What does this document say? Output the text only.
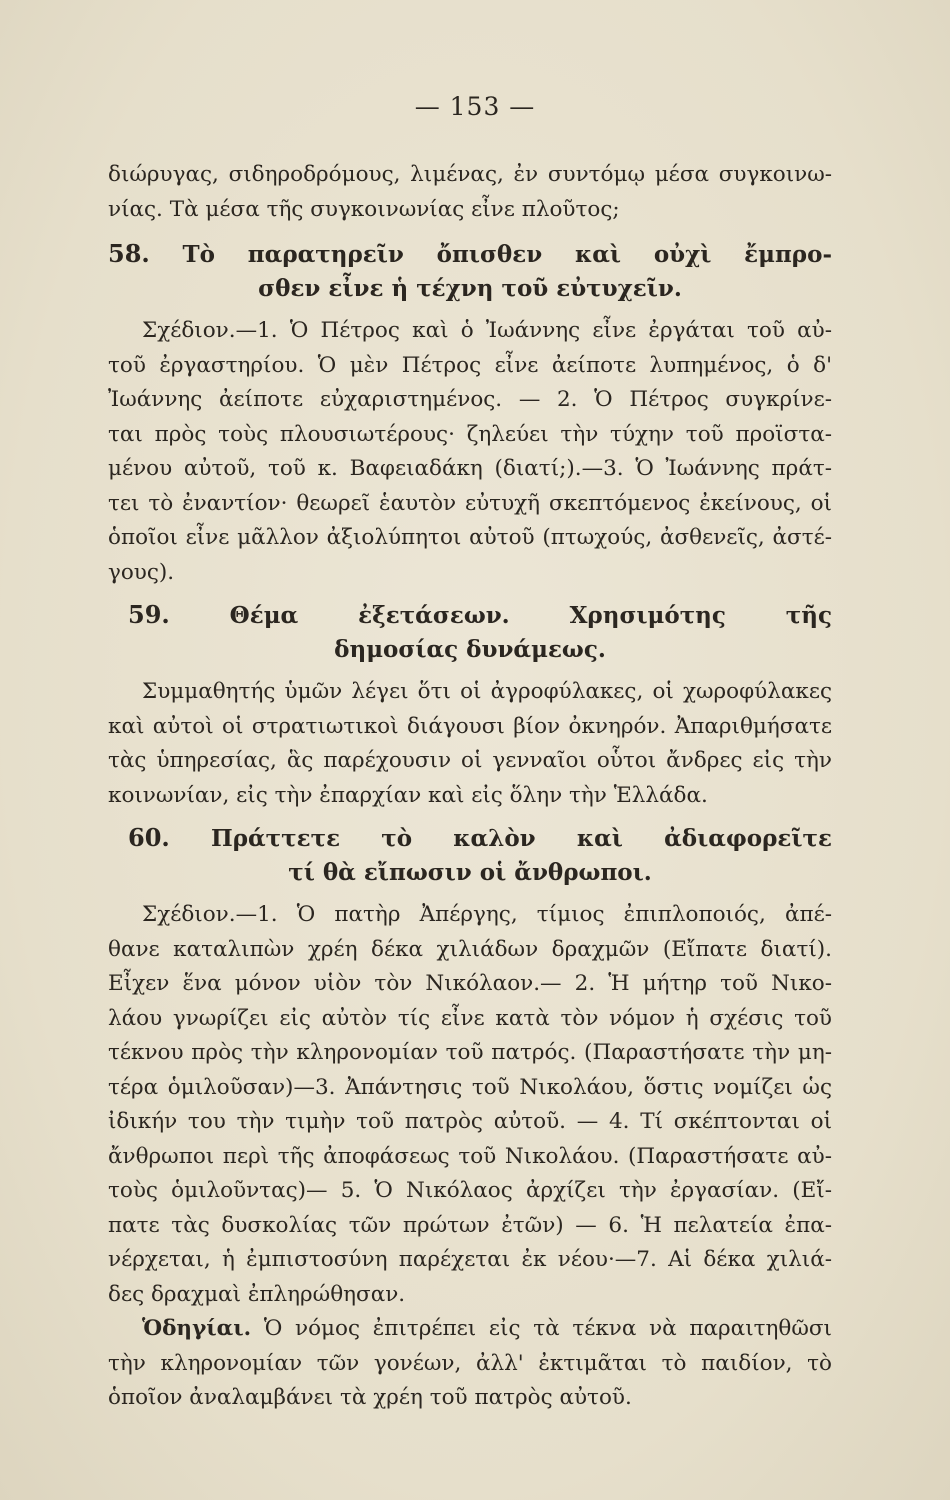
— 153 —
διώρυγας, σιδηροδρόμους, λιμένας, ἐν συντόμῳ μέσα συγκοινω-
νίας. Τὰ μέσα τῆς συγκοινωνίας εἶνε πλοῦτος;
58. Τὸ παρατηρεῖν ὄπισθεν καὶ οὐχὶ ἔμπρο-
σθεν εἶνε ἡ τέχνη τοῦ εὐτυχεῖν.
Σχέδιον.—1. Ὁ Πέτρος καὶ ὁ Ἰωάννης εἶνε ἐργάται τοῦ αὐ-
τοῦ ἐργαστηρίου. Ὁ μὲν Πέτρος εἶνε ἀείποτε λυπημένος, ὁ δ'
Ἰωάννης ἀείποτε εὐχαριστημένος. — 2. Ὁ Πέτρος συγκρίνε-
ται πρὸς τοὺς πλουσιωτέρους· ζηλεύει τὴν τύχην τοῦ προϊστα-
μένου αὐτοῦ, τοῦ κ. Βαφειαδάκη (διατί;).—3. Ὁ Ἰωάννης πράτ-
τει τὸ ἐναντίον· θεωρεῖ ἑαυτὸν εὐτυχῆ σκεπτόμενος ἐκείνους, οἱ
ὁποῖοι εἶνε μᾶλλον ἀξιολύπητοι αὐτοῦ (πτωχούς, ἀσθενεῖς, ἀστέ-
γους).
59.	Θέμα ἐξετάσεων. Χρησιμότης τῆς
δημοσίας δυνάμεως.
Συμμαθητής ὑμῶν λέγει ὅτι οἱ ἀγροφύλακες, οἱ χωροφύλακες
καὶ αὐτοὶ οἱ στρατιωτικοὶ διάγουσι βίον ὀκνηρόν. Ἀπαριθμήσατε
τὰς ὑπηρεσίας, ἃς παρέχουσιν οἱ γενναῖοι οὗτοι ἄνδρες εἰς τὴν
κοινωνίαν, εἰς τὴν ἐπαρχίαν καὶ εἰς ὅλην τὴν Ἑλλάδα.
60. Πράττετε τὸ καλὸν καὶ ἀδιαφορεῖτε
τί θὰ εἴπωσιν οἱ ἄνθρωποι.
Σχέδιον.—1. Ὁ πατὴρ Ἀπέργης, τίμιος ἐπιπλοποιός, ἀπέ-
θανε καταλιπὼν χρέη δέκα χιλιάδων δραχμῶν (Εἴπατε διατί).
Εἶχεν ἕνα μόνον υἱὸν τὸν Νικόλαον.— 2. Ἡ μήτηρ τοῦ Νικο-
λάου γνωρίζει εἰς αὐτὸν τίς εἶνε κατὰ τὸν νόμον ἡ σχέσις τοῦ
τέκνου πρὸς τὴν κληρονομίαν τοῦ πατρός. (Παραστήσατε τὴν μη-
τέρα ὁμιλοῦσαν)—3. Ἀπάντησις τοῦ Νικολάου, ὅστις νομίζει ὡς
ἰδικήν του τὴν τιμὴν τοῦ πατρὸς αὐτοῦ. — 4. Τί σκέπτονται οἱ
ἄνθρωποι περὶ τῆς ἀποφάσεως τοῦ Νικολάου. (Παραστήσατε αὐ-
τοὺς ὁμιλοῦντας)— 5. Ὁ Νικόλαος ἀρχίζει τὴν ἐργασίαν. (Εἴ-
πατε τὰς δυσκολίας τῶν πρώτων ἐτῶν) — 6. Ἡ πελατεία ἐπα-
νέρχεται, ἡ ἐμπιστοσύνη παρέχεται ἐκ νέου·—7. Αἱ δέκα χιλιά-
δες δραχμαὶ ἐπληρώθησαν.
Ὁδηγίαι. Ὁ νόμος ἐπιτρέπει εἰς τὰ τέκνα νὰ παραιτηθῶσι
τὴν κληρονομίαν τῶν γονέων, ἀλλ' ἐκτιμᾶται τὸ παιδίον, τὸ
ὁποῖον ἀναλαμβάνει τὰ χρέη τοῦ πατρὸς αὐτοῦ.
